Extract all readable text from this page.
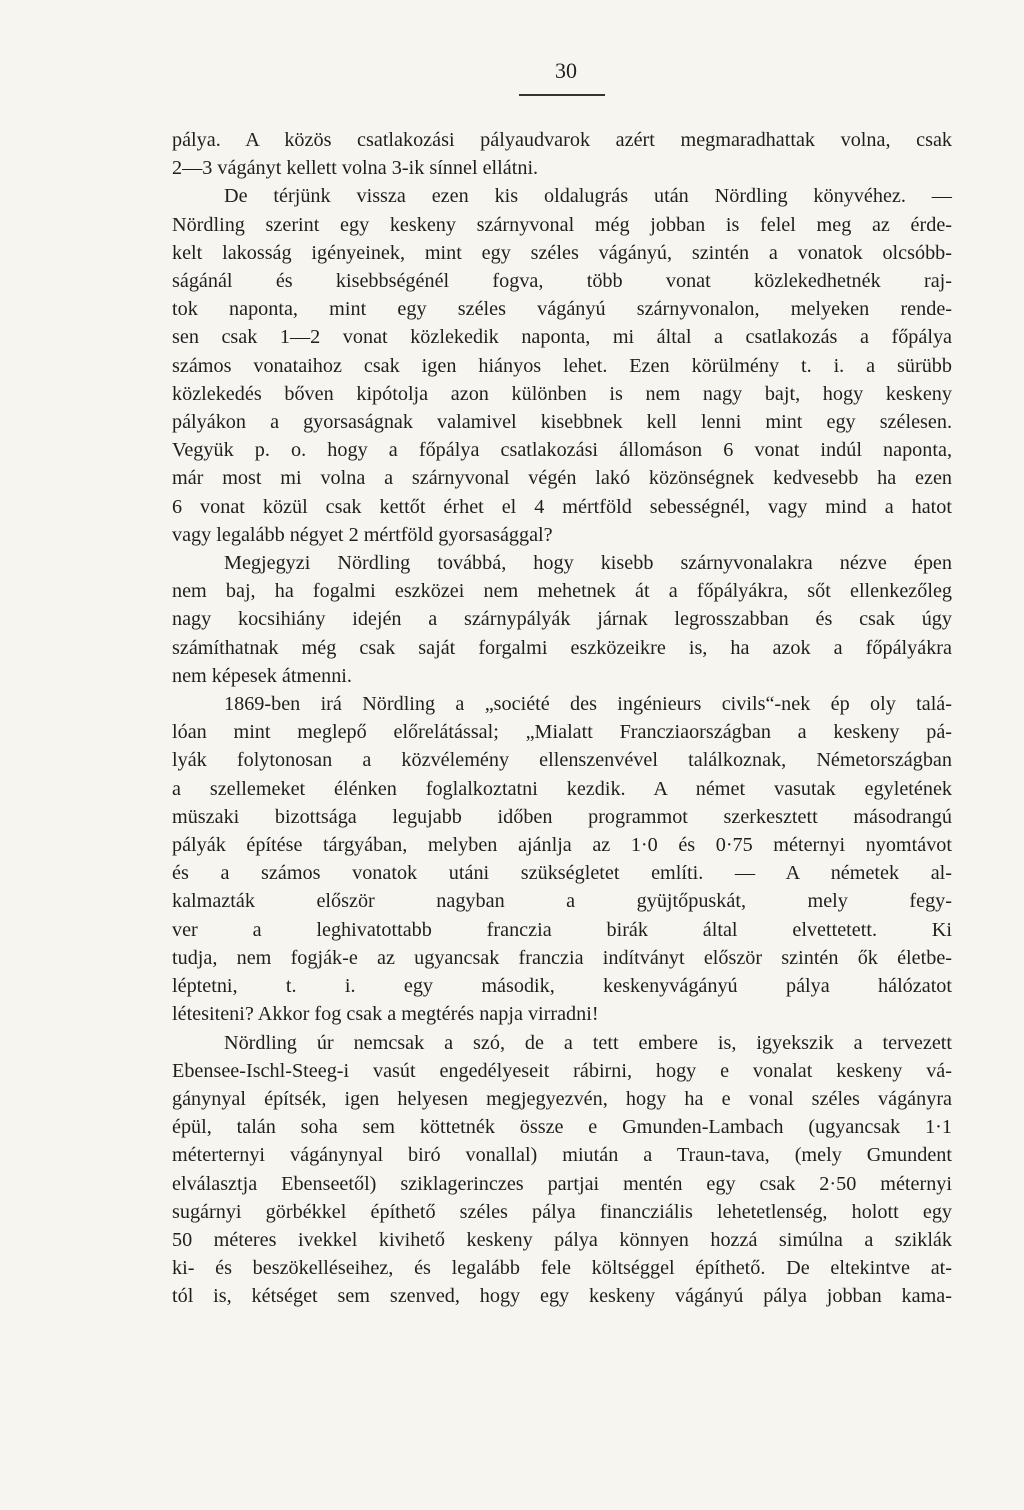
30
pálya. A közös csatlakozási pályaudvarok azért megmaradhattak volna, csak
2—3 vágányt kellett volna 3-ik sínnel ellátni.
De térjünk vissza ezen kis oldalugrás után Nördling könyvéhez. —
Nördling szerint egy keskeny szárnyvonal még jobban is felel meg az érde-
kelt lakosság igényeinek, mint egy széles vágányú, szintén a vonatok olcsóbb-
ságánál és kisebbségénél fogva, több vonat közlekedhetnék raj-
tok naponta, mint egy széles vágányú szárnyvonalon, melyeken rende-
sen csak 1—2 vonat közlekedik naponta, mi által a csatlakozás a főpálya
számos vonataihoz csak igen hiányos lehet. Ezen körülmény t. i. a sürübb
közlekedés bőven kipótolja azon különben is nem nagy bajt, hogy keskeny
pályákon a gyorsaságnak valamivel kisebbnek kell lenni mint egy szélesen.
Vegyük p. o. hogy a főpálya csatlakozási állomáson 6 vonat indúl naponta,
már most mi volna a szárnyvonal végén lakó közönségnek kedvesebb ha ezen
6 vonat közül csak kettőt érhet el 4 mértföld sebességnél, vagy mind a hatot
vagy legalább négyet 2 mértföld gyorsasággal?
Megjegyzi Nördling továbbá, hogy kisebb szárnyvonalakra nézve épen
nem baj, ha fogalmi eszközei nem mehetnek át a főpályákra, sőt ellenkezőleg
nagy kocsihiány idején a szárnypályák járnak legrosszabban és csak úgy
számíthatnak még csak saját forgalmi eszközeikre is, ha azok a főpályákra
nem képesek átmenni.
1869-ben irá Nördling a „société des ingénieurs civils“-nek ép oly talá-
lóan mint meglepő előrelátással; „Mialatt Francziaországban a keskeny pá-
lyák folytonosan a közvélemény ellenszenvével találkoznak, Németországban
a szellemeket élénken foglalkoztatni kezdik. A német vasutak egyletének
müszaki bizottsága legujabb időben programmot szerkesztett másodrangú
pályák építése tárgyában, melyben ajánlja az 1·0 és 0·75 méternyi nyomtávot
és a számos vonatok utáni szükségletet említi. — A németek al-
kalmazták először nagyban a gyüjtőpuskát, mely fegy-
ver a leghivatottabb franczia birák által elvettetett. Ki
tudja, nem fogják-e az ugyancsak franczia indítványt először szintén ők életbe-
léptetni, t. i. egy második, keskenyvágányú pálya hálózatot
létesiteni? Akkor fog csak a megtérés napja virradni!
Nördling úr nemcsak a szó, de a tett embere is, igyekszik a tervezett
Ebensee-Ischl-Steeg-i vasút engedélyeseit rábirni, hogy e vonalat keskeny vá-
gánynyal építsék, igen helyesen megjegyezvén, hogy ha e vonal széles vágányra
épül, talán soha sem köttetnék össze e Gmunden-Lambach (ugyancsak 1·1
méterternyi vágánynyal biró vonallal) miután a Traun-tava, (mely Gmundent
elválasztja Ebenseetől) sziklagerinczes partjai mentén egy csak 2·50 méternyi
sugárnyi görbékkel építhető széles pálya financziális lehetetlenség, holott egy
50 méteres ivekkel kivihető keskeny pálya könnyen hozzá simúlna a sziklák
ki- és beszökelléseihez, és legalább fele költséggel építhető. De eltekintve at-
tól is, kétséget sem szenved, hogy egy keskeny vágányú pálya jobban kama-
